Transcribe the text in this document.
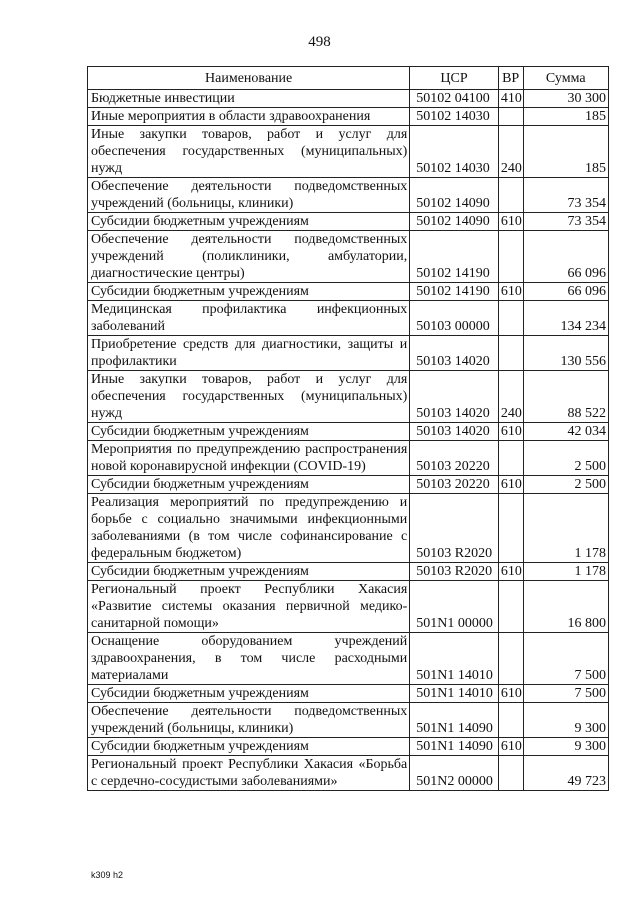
498
Наименование	ЦСР	ВР	Сумма
Бюджетные инвестиции	50102 04100	410	30 300
Иные мероприятия в области здравоохранения	50102 14030		185
Иные закупки товаров, работ и услуг для обеспечения государственных (муниципальных) нужд	50102 14030	240	185
Обеспечение деятельности подведомственных учреждений (больницы, клиники)	50102 14090		73 354
Субсидии бюджетным учреждениям	50102 14090	610	73 354
Обеспечение деятельности подведомственных учреждений (поликлиники, амбулатории, диагностические центры)	50102 14190		66 096
Субсидии бюджетным учреждениям	50102 14190	610	66 096
Медицинская профилактика инфекционных заболеваний	50103 00000		134 234
Приобретение средств для диагностики, защиты и профилактики	50103 14020		130 556
Иные закупки товаров, работ и услуг для обеспечения государственных (муниципальных) нужд	50103 14020	240	88 522
Субсидии бюджетным учреждениям	50103 14020	610	42 034
Мероприятия по предупреждению распространения новой коронавирусной инфекции (COVID-19)	50103 20220		2 500
Субсидии бюджетным учреждениям	50103 20220	610	2 500
Реализация мероприятий по предупреждению и борьбе с социально значимыми инфекционными заболеваниями (в том числе софинансирование с федеральным бюджетом)	50103 R2020		1 178
Субсидии бюджетным учреждениям	50103 R2020	610	1 178
Региональный проект Республики Хакасия «Развитие системы оказания первичной медико-санитарной помощи»	501N1 00000		16 800
Оснащение оборудованием учреждений здравоохранения, в том числе расходными материалами	501N1 14010		7 500
Субсидии бюджетным учреждениям	501N1 14010	610	7 500
Обеспечение деятельности подведомственных учреждений (больницы, клиники)	501N1 14090		9 300
Субсидии бюджетным учреждениям	501N1 14090	610	9 300
Региональный проект Республики Хакасия «Борьба с сердечно-сосудистыми заболеваниями»	501N2 00000		49 723
k309 h2
